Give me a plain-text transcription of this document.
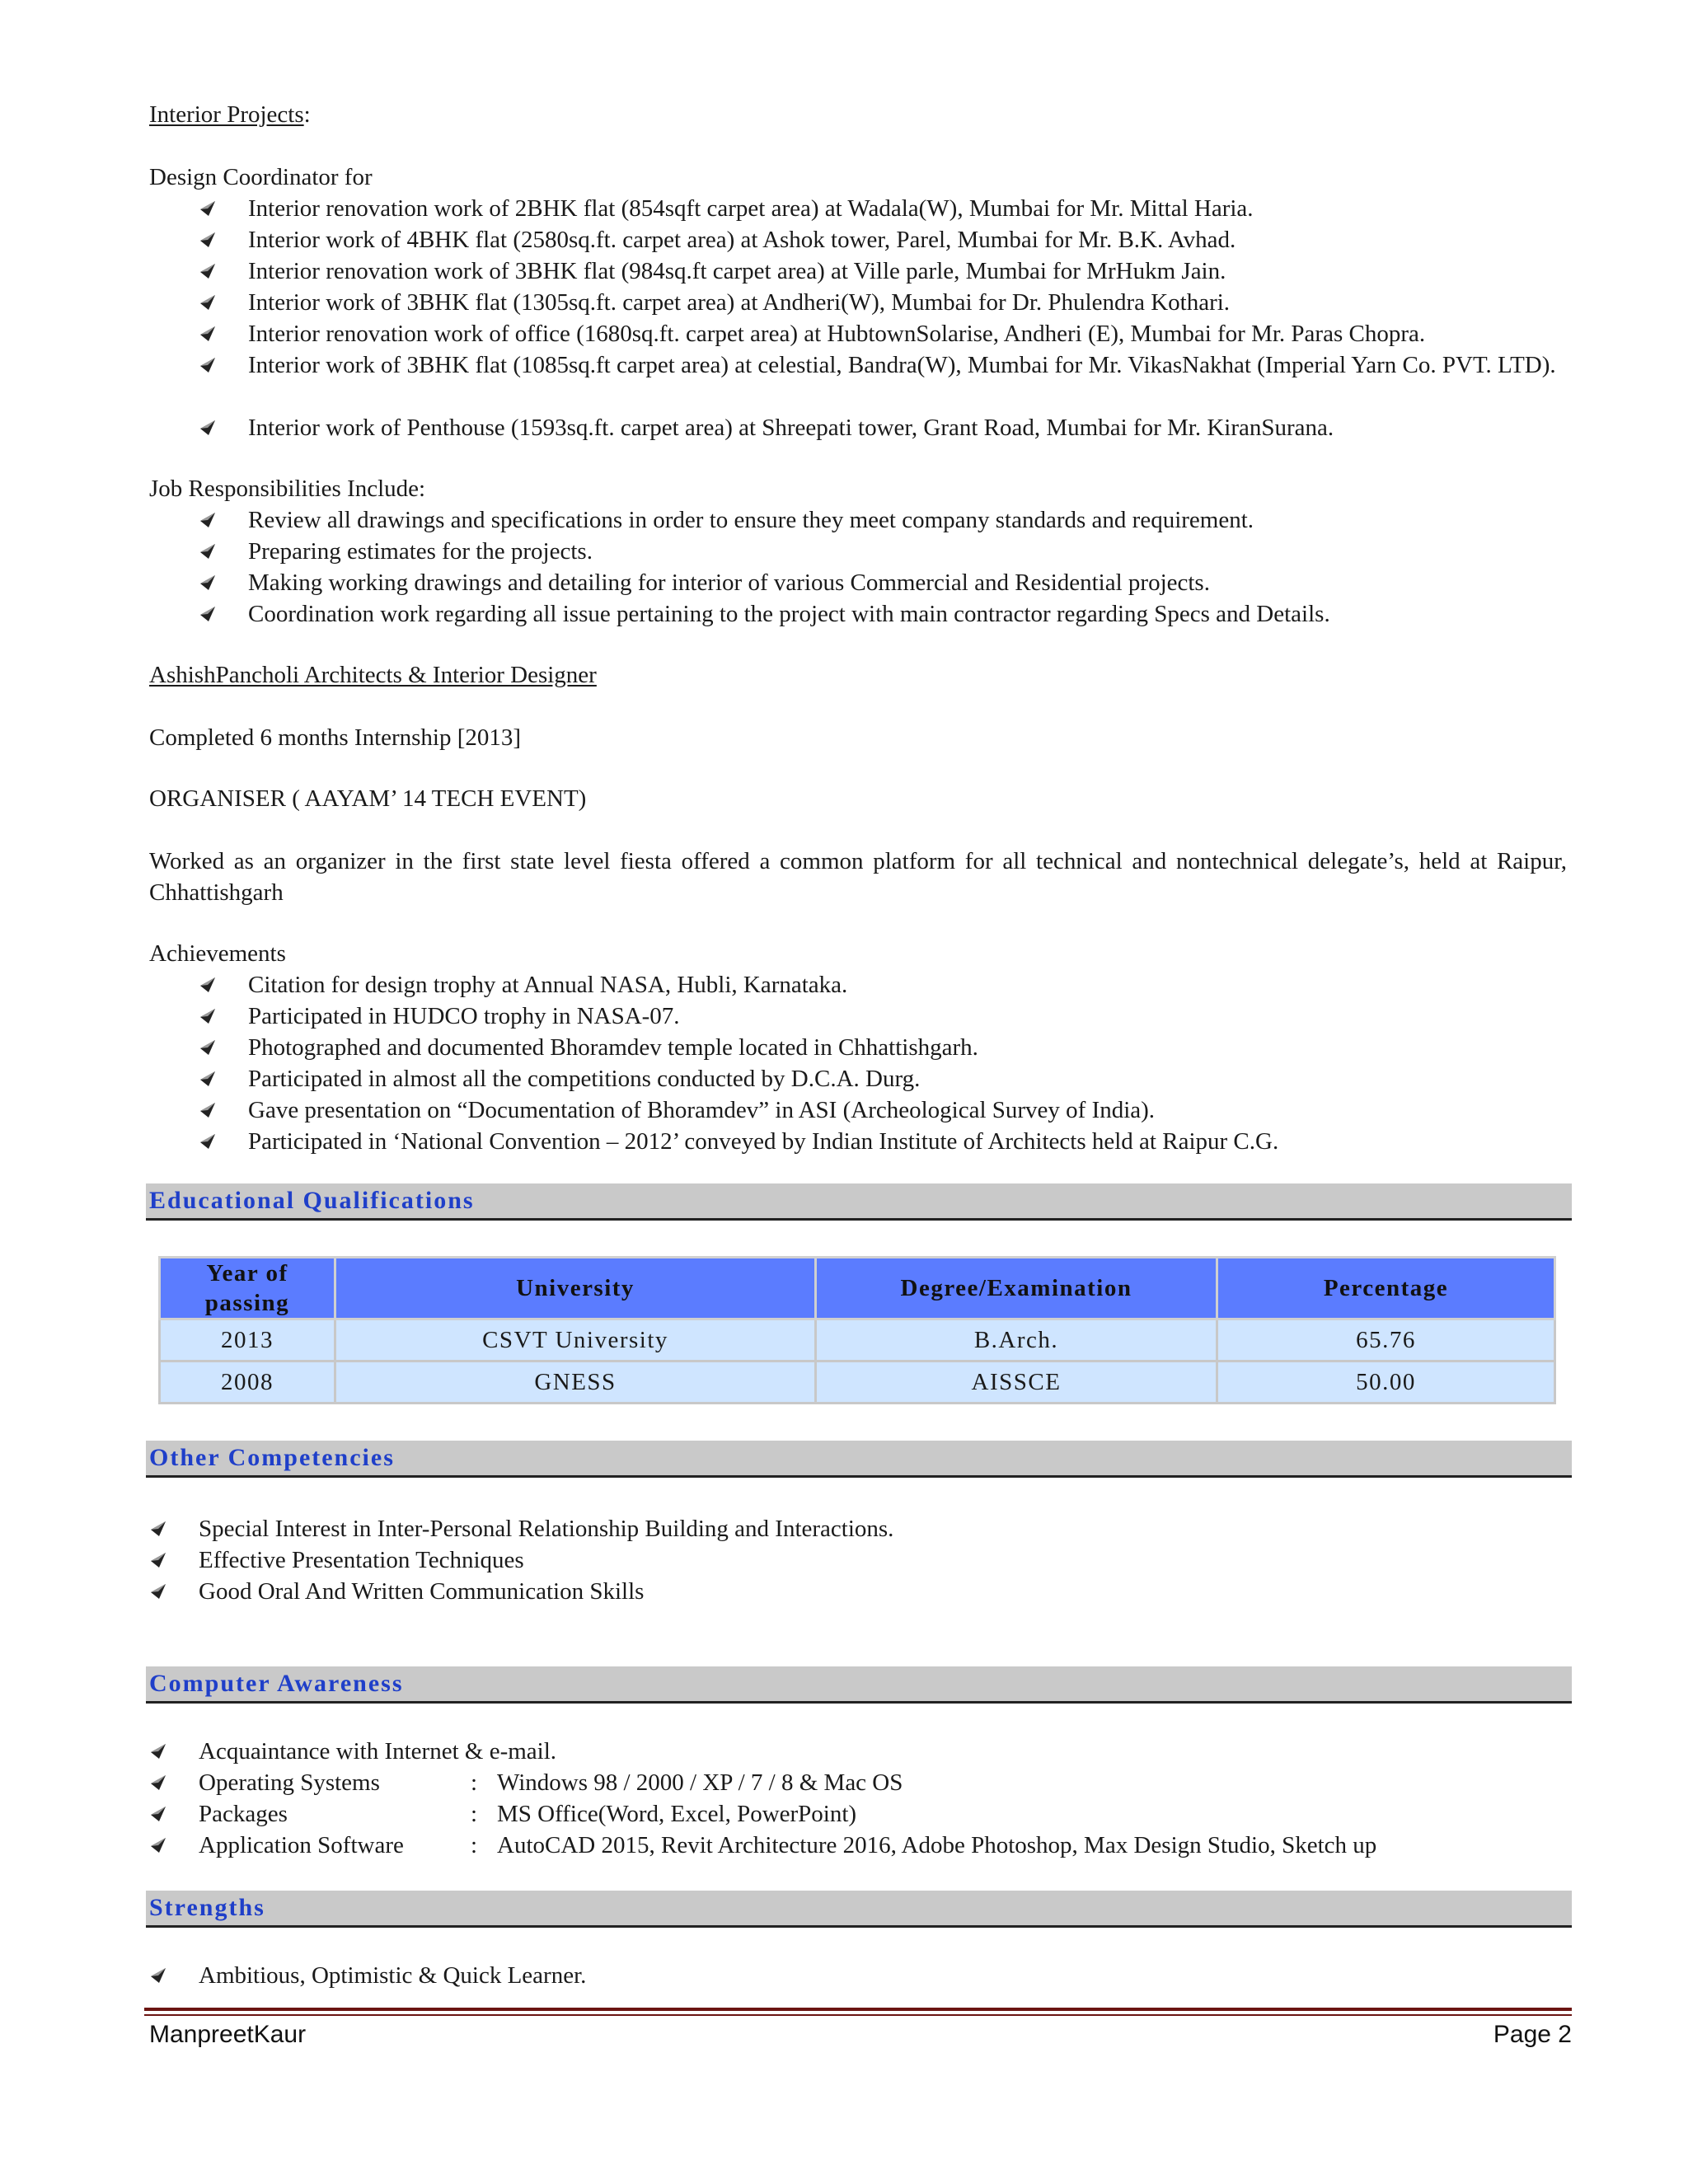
Interior Projects:
Design Coordinator for
Interior renovation work of 2BHK flat (854sqft carpet area) at Wadala(W), Mumbai for Mr. Mittal Haria.
Interior work of 4BHK flat (2580sq.ft. carpet area) at Ashok tower, Parel, Mumbai for Mr. B.K. Avhad.
Interior renovation work of 3BHK flat (984sq.ft carpet area) at Ville parle, Mumbai for MrHukm Jain.
Interior work of 3BHK flat (1305sq.ft. carpet area) at Andheri(W), Mumbai for Dr. Phulendra Kothari.
Interior renovation work of office (1680sq.ft. carpet area) at HubtownSolarise, Andheri (E), Mumbai for Mr. Paras Chopra.
Interior work of 3BHK flat (1085sq.ft carpet area) at celestial, Bandra(W), Mumbai for Mr. VikasNakhat (Imperial Yarn Co. PVT. LTD).
Interior work of Penthouse (1593sq.ft. carpet area) at Shreepati tower, Grant Road, Mumbai for Mr. KiranSurana.
Job Responsibilities Include:
Review all drawings and specifications in order to ensure they meet company standards and requirement.
Preparing estimates for the projects.
Making working drawings and detailing for interior of various Commercial and Residential projects.
Coordination work regarding all issue pertaining to the project with main contractor regarding Specs and Details.
AshishPancholi Architects & Interior Designer
Completed 6 months Internship [2013]
ORGANISER ( AAYAM’ 14 TECH EVENT)
Worked as an organizer in the first state level fiesta offered a common platform for all technical and nontechnical delegate’s, held at Raipur, Chhattishgarh
Achievements
Citation for design trophy at Annual NASA, Hubli, Karnataka.
Participated in HUDCO trophy in NASA-07.
Photographed and documented Bhoramdev temple located in Chhattishgarh.
Participated in almost all the competitions conducted by D.C.A. Durg.
Gave presentation on “Documentation of Bhoramdev” in ASI (Archeological Survey of India).
Participated in ‘National Convention – 2012’ conveyed by Indian Institute of Architects held at Raipur C.G.
Educational Qualifications
Year of passing	University	Degree/Examination	Percentage
2013	CSVT University	B.Arch.	65.76
2008	GNESS	AISSCE	50.00
Other Competencies
Special Interest in Inter-Personal Relationship Building and Interactions.
Effective Presentation Techniques
Good Oral And Written Communication Skills
Computer Awareness
Acquaintance with Internet & e-mail.
Operating Systems	: Windows 98 / 2000 / XP / 7 / 8 & Mac OS
Packages	: MS Office(Word, Excel, PowerPoint)
Application Software	: AutoCAD 2015, Revit Architecture 2016, Adobe Photoshop, Max Design Studio, Sketch up
Strengths
Ambitious, Optimistic & Quick Learner.
ManpreetKaur	Page 2
